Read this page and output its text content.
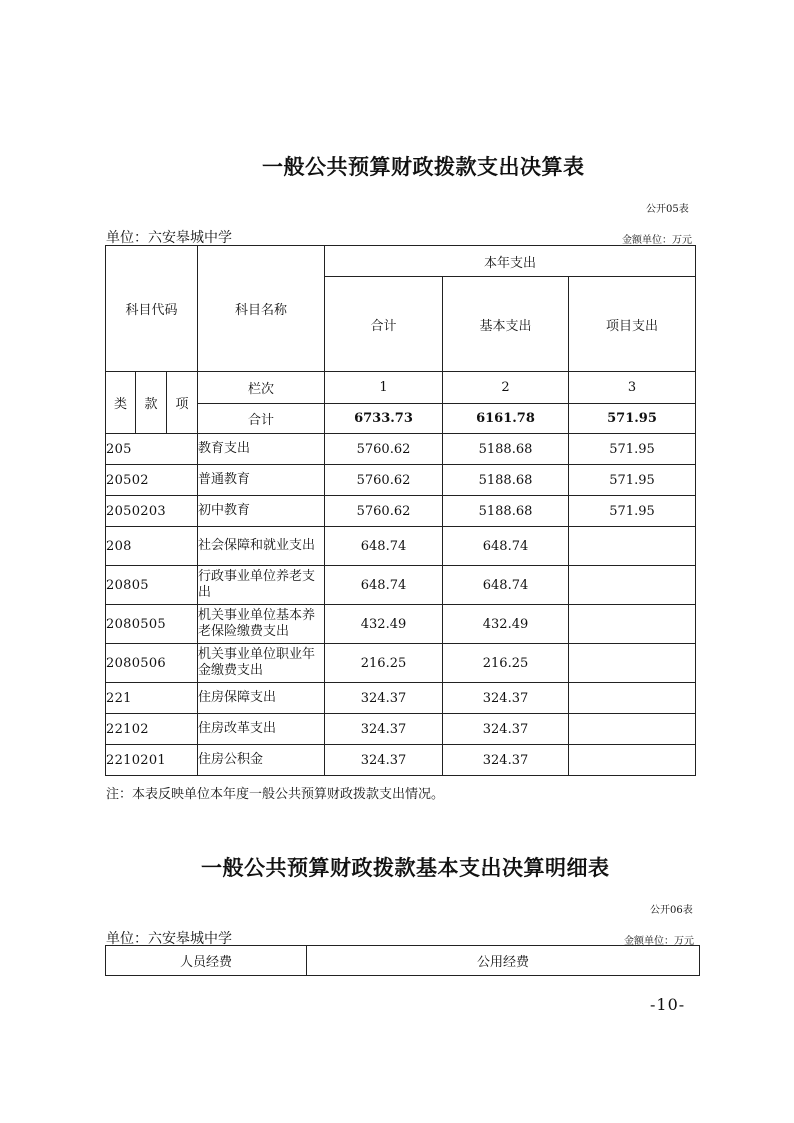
一般公共预算财政拨款支出决算表
公开05表
单位：六安皋城中学	金额单位：万元
科目代码			科目名称	本年支出		
				合计	基本支出	项目支出
类	款	项	栏次	1	2	3
			合计	6733.73	6161.78	571.95
205			教育支出	5760.62	5188.68	571.95
20502			普通教育	5760.62	5188.68	571.95
2050203			初中教育	5760.62	5188.68	571.95
208			社会保障和就业支出	648.74	648.74	
20805			行政事业单位养老支出	648.74	648.74	
2080505			机关事业单位基本养老保险缴费支出	432.49	432.49	
2080506			机关事业单位职业年金缴费支出	216.25	216.25	
221			住房保障支出	324.37	324.37	
22102			住房改革支出	324.37	324.37	
2210201			住房公积金	324.37	324.37	
注：本表反映单位本年度一般公共预算财政拨款支出情况。
一般公共预算财政拨款基本支出决算明细表
公开06表
单位：六安皋城中学	金额单位：万元
人员经费	公用经费
-10-
